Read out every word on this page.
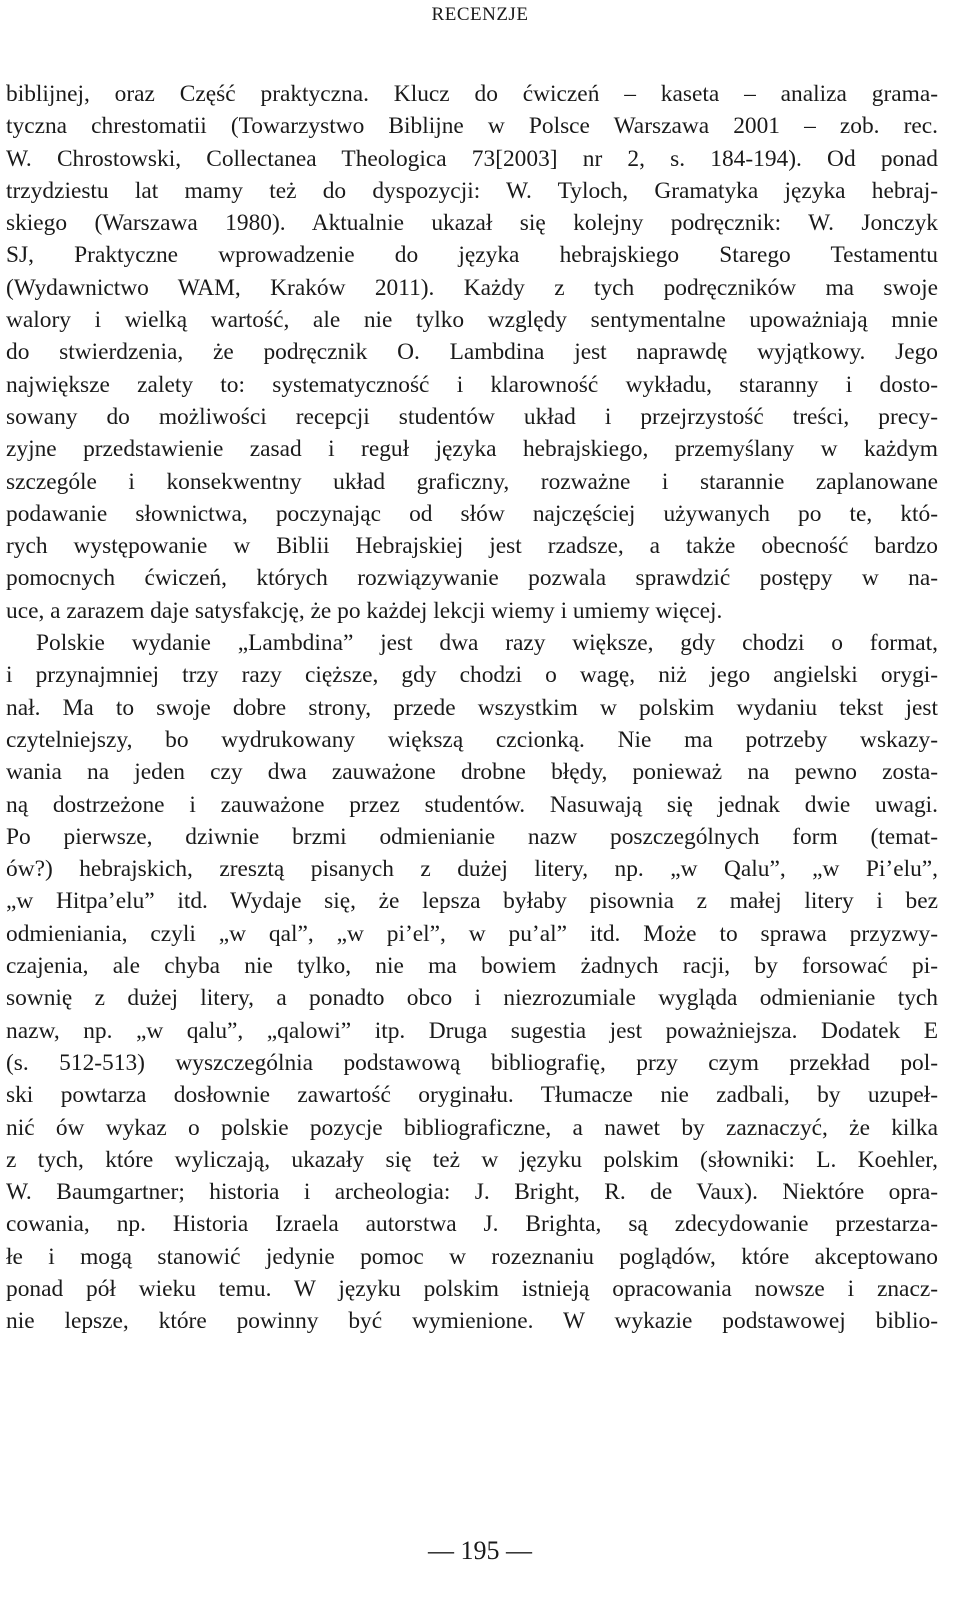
RECENZJE
biblijnej, oraz Część praktyczna. Klucz do ćwiczeń – kaseta – analiza grama-
tyczna chrestomatii (Towarzystwo Biblijne w Polsce Warszawa 2001 – zob. rec.
W. Chrostowski, Collectanea Theologica 73[2003] nr 2, s. 184-194). Od ponad
trzydziestu lat mamy też do dyspozycji: W. Tyloch, Gramatyka języka hebraj-
skiego (Warszawa 1980). Aktualnie ukazał się kolejny podręcznik: W. Jonczyk
SJ, Praktyczne wprowadzenie do języka hebrajskiego Starego Testamentu
(Wydawnictwo WAM, Kraków 2011). Każdy z tych podręczników ma swoje
walory i wielką wartość, ale nie tylko względy sentymentalne upoważniają mnie
do stwierdzenia, że podręcznik O. Lambdina jest naprawdę wyjątkowy. Jego
największe zalety to: systematyczność i klarowność wykładu, staranny i dosto-
sowany do możliwości recepcji studentów układ i przejrzystość treści, precy-
zyjne przedstawienie zasad i reguł języka hebrajskiego, przemyślany w każdym
szczególe i konsekwentny układ graficzny, rozważne i starannie zaplanowane
podawanie słownictwa, poczynając od słów najczęściej używanych po te, któ-
rych występowanie w Biblii Hebrajskiej jest rzadsze, a także obecność bardzo
pomocnych ćwiczeń, których rozwiązywanie pozwala sprawdzić postępy w na-
uce, a zarazem daje satysfakcję, że po każdej lekcji wiemy i umiemy więcej.
Polskie wydanie „Lambdina” jest dwa razy większe, gdy chodzi o format,
i przynajmniej trzy razy cięższe, gdy chodzi o wagę, niż jego angielski orygi-
nał. Ma to swoje dobre strony, przede wszystkim w polskim wydaniu tekst jest
czytelniejszy, bo wydrukowany większą czcionką. Nie ma potrzeby wskazy-
wania na jeden czy dwa zauważone drobne błędy, ponieważ na pewno zosta-
ną dostrzeżone i zauważone przez studentów. Nasuwają się jednak dwie uwagi.
Po pierwsze, dziwnie brzmi odmienianie nazw poszczególnych form (temat-
ów?) hebrajskich, zresztą pisanych z dużej litery, np. „w Qalu”, „w Pi’elu”,
„w Hitpa’elu” itd. Wydaje się, że lepsza byłaby pisownia z małej litery i bez
odmieniania, czyli „w qal”, „w pi’el”, w pu’al” itd. Może to sprawa przyzwy-
czajenia, ale chyba nie tylko, nie ma bowiem żadnych racji, by forsować pi-
sownię z dużej litery, a ponadto obco i niezrozumiale wygląda odmienianie tych
nazw, np. „w qalu”, „qalowi” itp. Druga sugestia jest poważniejsza. Dodatek E
(s. 512-513) wyszczególnia podstawową bibliografię, przy czym przekład pol-
ski powtarza dosłownie zawartość oryginału. Tłumacze nie zadbali, by uzupeł-
nić ów wykaz o polskie pozycje bibliograficzne, a nawet by zaznaczyć, że kilka
z tych, które wyliczają, ukazały się też w języku polskim (słowniki: L. Koehler,
W. Baumgartner; historia i archeologia: J. Bright, R. de Vaux). Niektóre opra-
cowania, np. Historia Izraela autorstwa J. Brighta, są zdecydowanie przestarza-
łe i mogą stanowić jedynie pomoc w rozeznaniu poglądów, które akceptowano
ponad pół wieku temu. W języku polskim istnieją opracowania nowsze i znacz-
nie lepsze, które powinny być wymienione. W wykazie podstawowej biblio-
— 195 —
